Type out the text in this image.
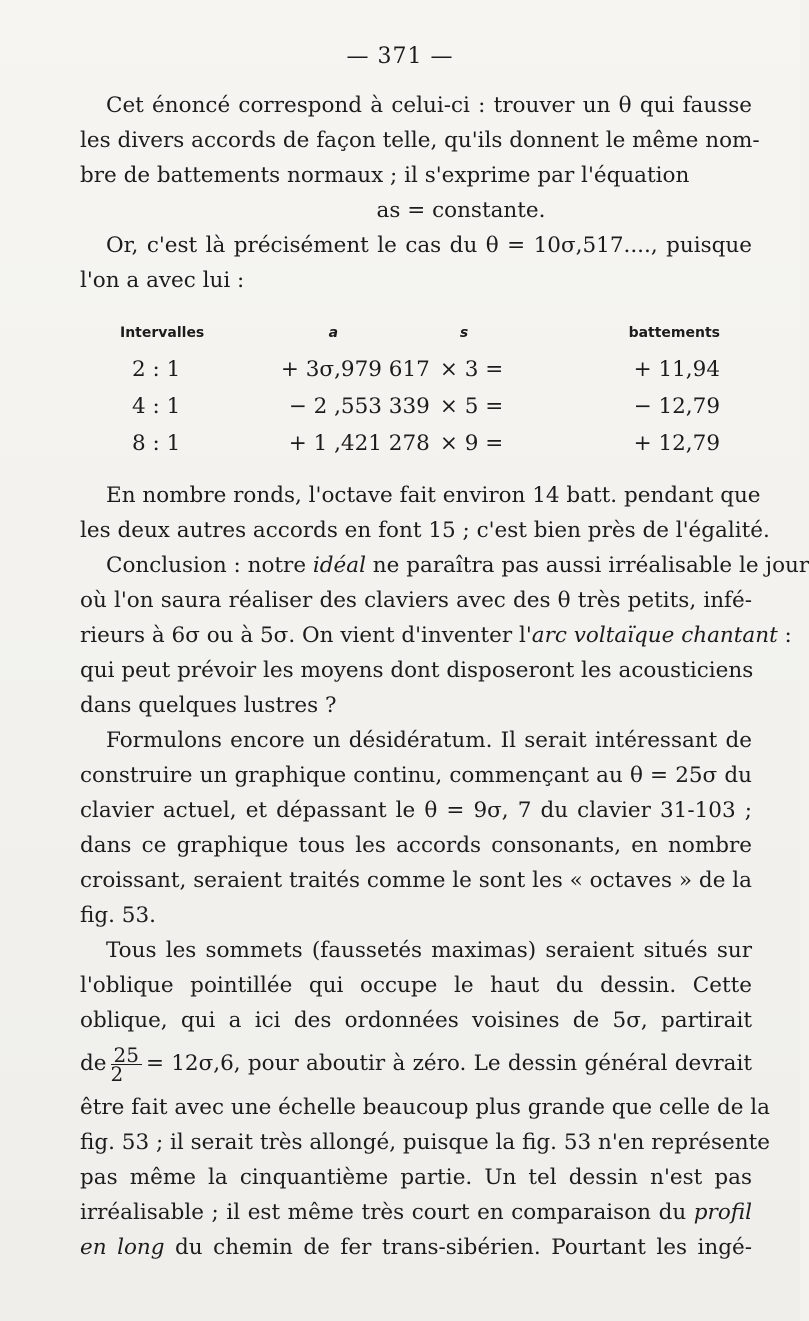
— 371 —

Cet énoncé correspond à celui-ci : trouver un θ qui fausse
les divers accords de façon telle, qu'ils donnent le même nom-
bre de battements normaux ; il s'exprime par l'équation

as = constante.

Or, c'est là précisément le cas du θ = 10σ,517...., puisque
l'on a avec lui :

Intervalles	a	s	battements
2 : 1	+ 3σ,979 617	× 3 =	+ 11,94
4 : 1	− 2 ,553 339	× 5 =	− 12,79
8 : 1	+ 1 ,421 278	× 9 =	+ 12,79

En nombre ronds, l'octave fait environ 14 batt. pendant que
les deux autres accords en font 15 ; c'est bien près de l'égalité.

Conclusion : notre idéal ne paraîtra pas aussi irréalisable le jour
où l'on saura réaliser des claviers avec des θ très petits, infé-
rieurs à 6σ ou à 5σ. On vient d'inventer l'arc voltaïque chantant :
qui peut prévoir les moyens dont disposeront les acousticiens
dans quelques lustres ?

Formulons encore un désidératum. Il serait intéressant de
construire un graphique continu, commençant au θ = 25σ du
clavier actuel, et dépassant le θ = 9σ, 7 du clavier 31-103 ;
dans ce graphique tous les accords consonants, en nombre
croissant, seraient traités comme le sont les « octaves » de la
fig. 53.

Tous les sommets (faussetés maximas) seraient situés sur
l'oblique pointillée qui occupe le haut du dessin. Cette
oblique, qui a ici des ordonnées voisines de 5σ, partirait
de $\frac{25}{2} = 12\sigma,6$, pour aboutir à zéro. Le dessin général devrait
être fait avec une échelle beaucoup plus grande que celle de la
fig. 53 ; il serait très allongé, puisque la fig. 53 n'en représente
pas même la cinquantième partie. Un tel dessin n'est pas
irréalisable ; il est même très court en comparaison du profil
en long du chemin de fer trans-sibérien. Pourtant les ingé-
